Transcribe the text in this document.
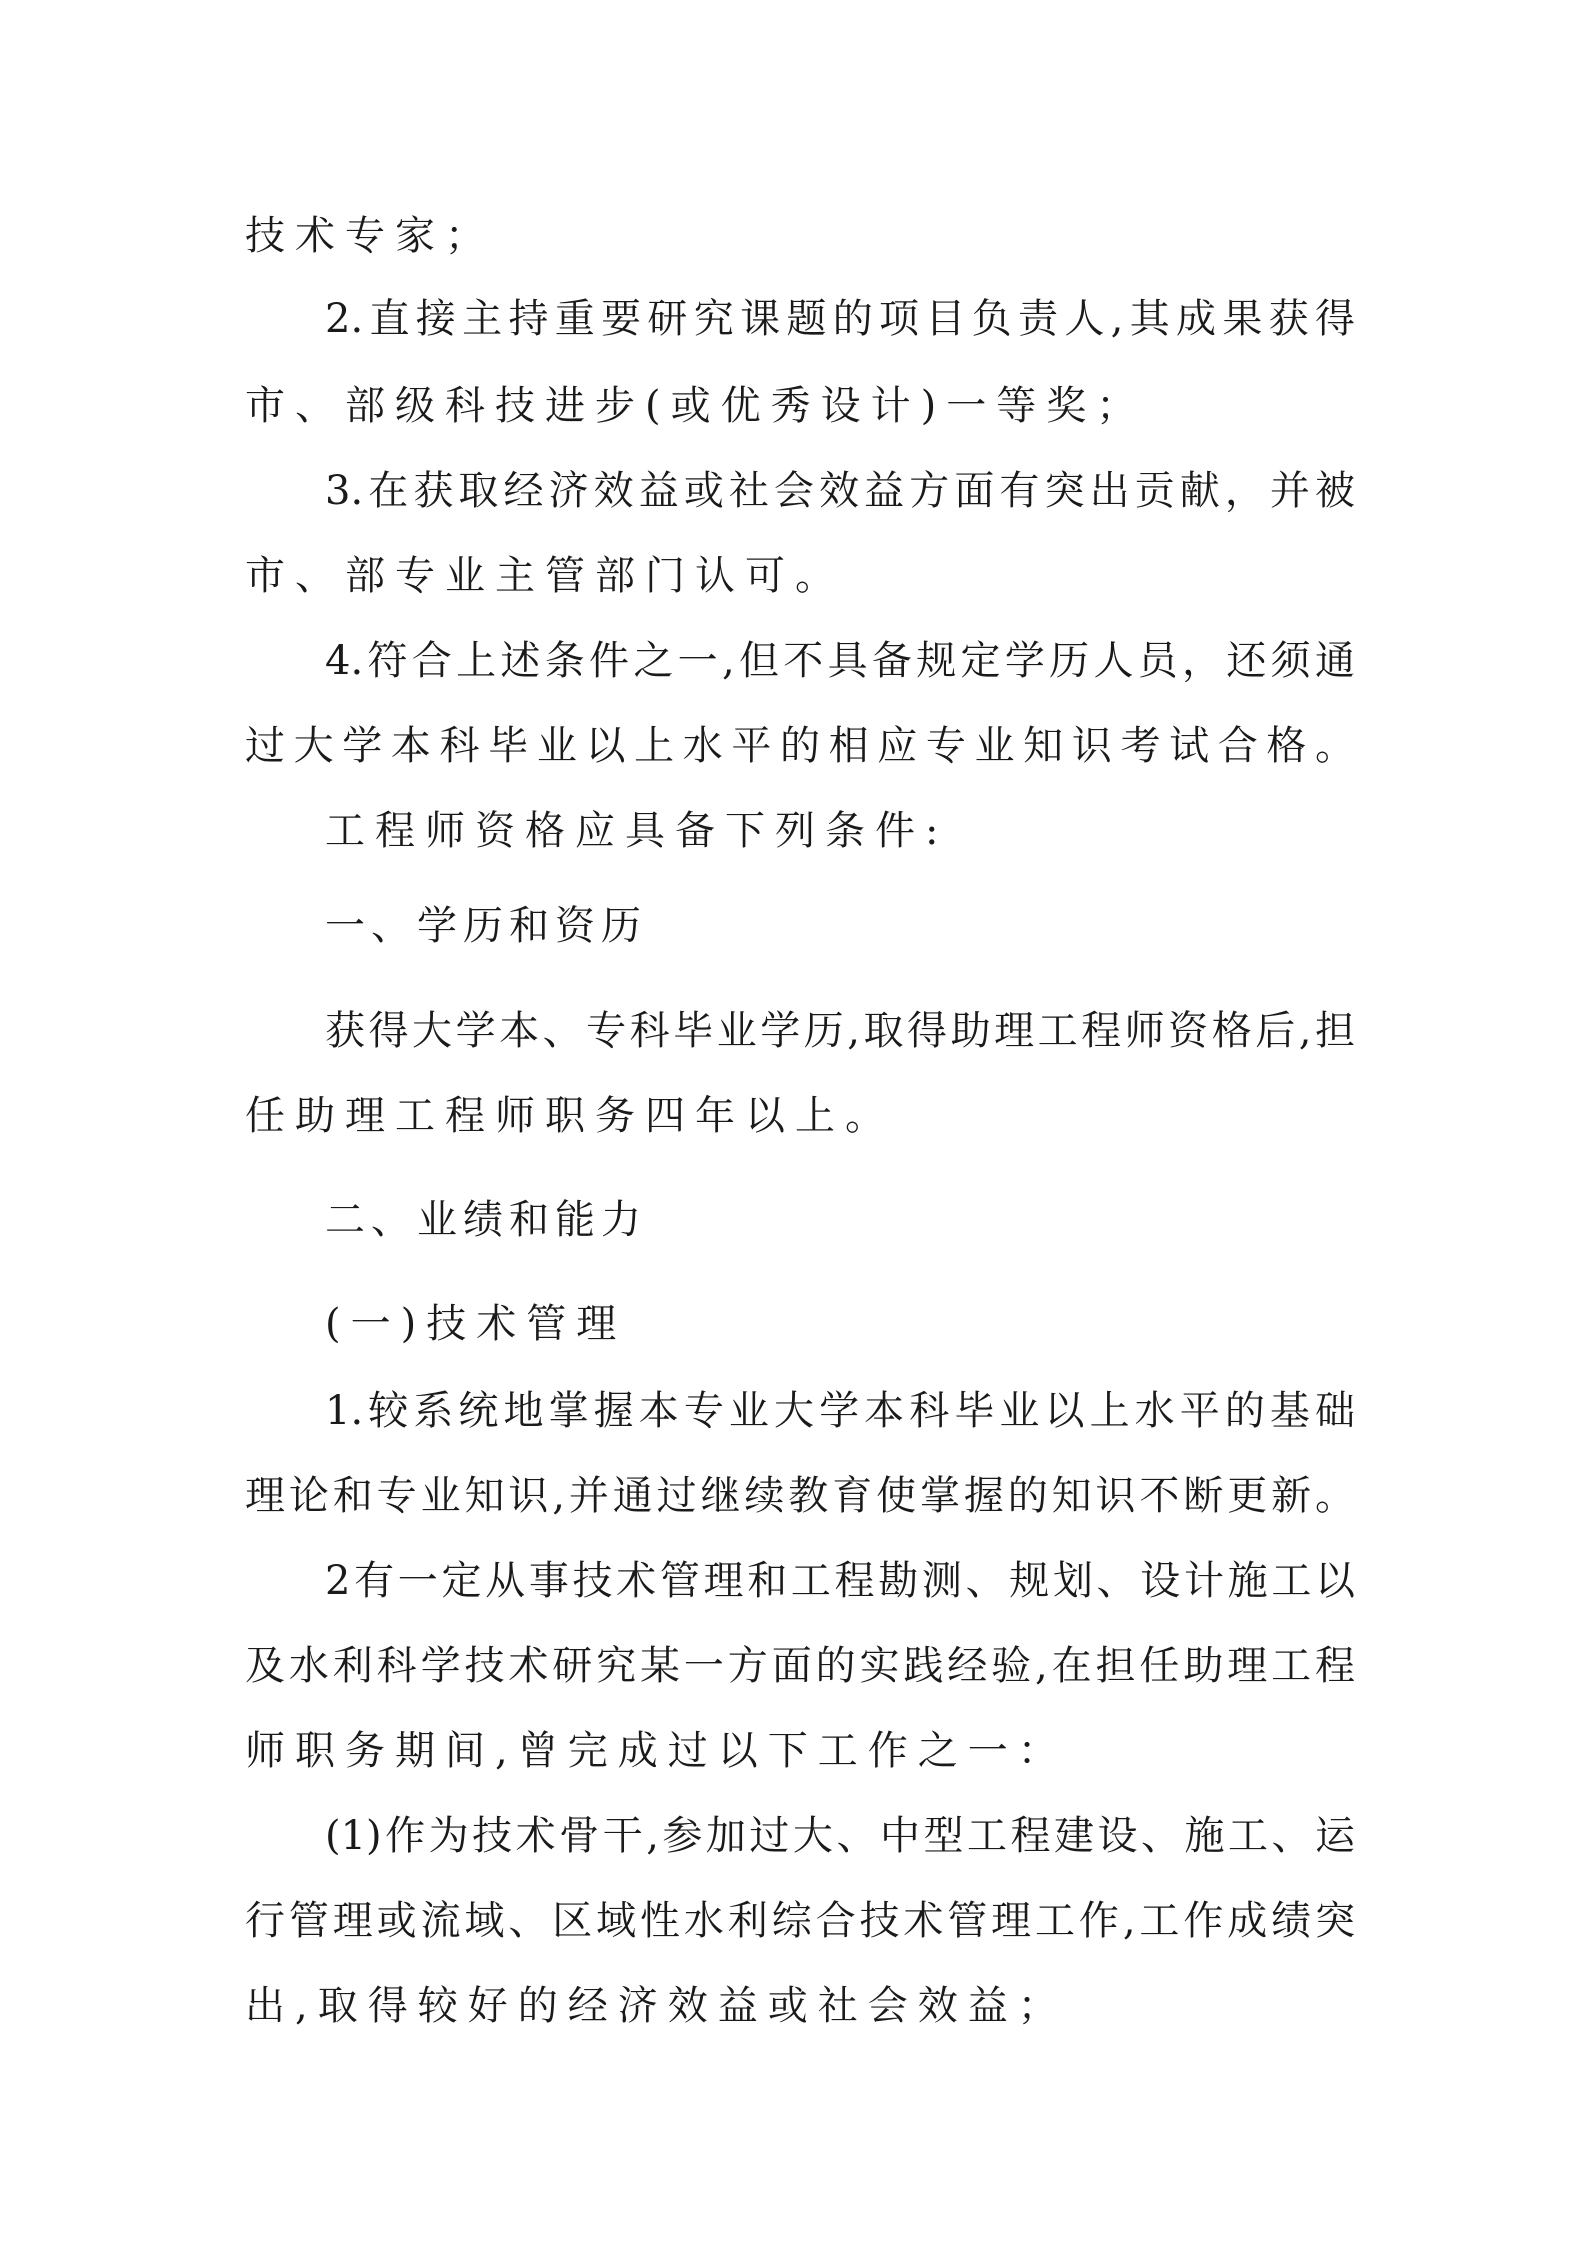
技术专家；
2.直接主持重要研究课题的项目负责人,其成果获得
市、部级科技进步(或优秀设计)一等奖；
3.在获取经济效益或社会效益方面有突出贡献，并被
市、部专业主管部门认可。
4.符合上述条件之一,但不具备规定学历人员，还须通
过大学本科毕业以上水平的相应专业知识考试合格。
工程师资格应具备下列条件:
一、学历和资历
获得大学本、专科毕业学历,取得助理工程师资格后,担
任助理工程师职务四年以上。
二、业绩和能力
(一)技术管理
1.较系统地掌握本专业大学本科毕业以上水平的基础
理论和专业知识,并通过继续教育使掌握的知识不断更新。
2有一定从事技术管理和工程勘测、规划、设计施工以
及水利科学技术研究某一方面的实践经验,在担任助理工程
师职务期间,曾完成过以下工作之一：
(1)作为技术骨干,参加过大、中型工程建设、施工、运
行管理或流域、区域性水利综合技术管理工作,工作成绩突
出,取得较好的经济效益或社会效益；
